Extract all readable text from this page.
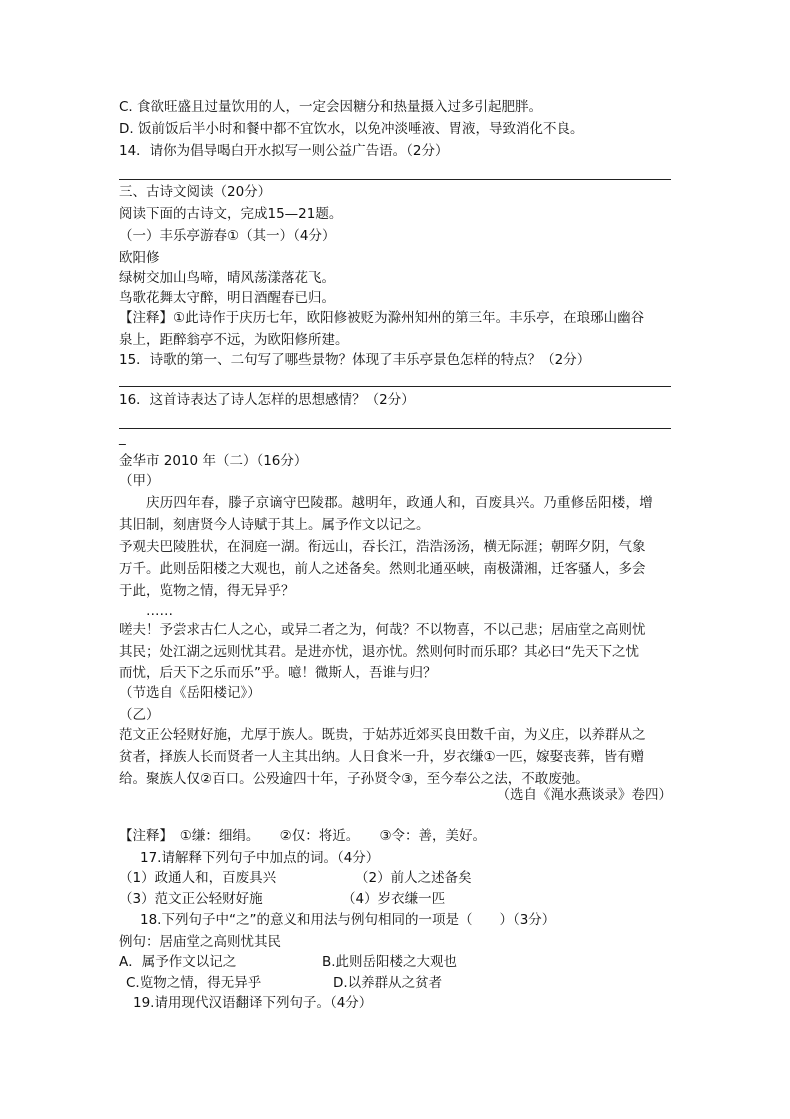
C. 食欲旺盛且过量饮用的人，一定会因糖分和热量摄入过多引起肥胖。
D. 饭前饭后半小时和餐中都不宜饮水，以免冲淡唾液、胃液，导致消化不良。
14．请你为倡导喝白开水拟写一则公益广告语。（2分）
三、古诗文阅读（20分）
阅读下面的古诗文，完成15—21题。
（一）丰乐亭游春①（其一）（4分）
欧阳修
绿树交加山鸟啼，晴风荡漾落花飞。
鸟歌花舞太守醉，明日酒醒春已归。
【注释】①此诗作于庆历七年，欧阳修被贬为滁州知州的第三年。丰乐亭，在琅琊山幽谷
泉上，距醉翁亭不远，为欧阳修所建。
15．诗歌的第一、二句写了哪些景物？体现了丰乐亭景色怎样的特点？（2分）
16．这首诗表达了诗人怎样的思想感情？（2分）
_
金华市 2010 年（二）（16分）
（甲）
庆历四年春，滕子京谪守巴陵郡。越明年，政通人和，百废具兴。乃重修岳阳楼，增
其旧制，刻唐贤今人诗赋于其上。属予作文以记之。
予观夫巴陵胜状，在洞庭一湖。衔远山，吞长江，浩浩汤汤，横无际涯；朝晖夕阴，气象
万千。此则岳阳楼之大观也，前人之述备矣。然则北通巫峡，南极潇湘，迁客骚人，多会
于此，览物之情，得无异乎？
……
嗟夫！予尝求古仁人之心，或异二者之为，何哉？不以物喜，不以己悲；居庙堂之高则忧
其民；处江湖之远则忧其君。是进亦忧，退亦忧。然则何时而乐耶？其必曰“先天下之忧
而忧，后天下之乐而乐”乎。噫！微斯人，吾谁与归？
（节选自《岳阳楼记》）
（乙）
范文正公轻财好施，尤厚于族人。既贵，于姑苏近郊买良田数千亩，为义庄，以养群从之
贫者，择族人长而贤者一人主其出纳。人日食米一升，岁衣缣①一匹，嫁娶丧葬，皆有赠
给。聚族人仅②百口。公殁逾四十年，子孙贤令③，至今奉公之法，不敢废弛。
（选自《渑水燕谈录》卷四）
【注释】　①缣：细绢。　　②仅：将近。　　③令：善，美好。
17.请解释下列句子中加点的词。（4分）
（1）政通人和，百废具兴	（2）前人之述备矣
（3）范文正公轻财好施	（4）岁衣缣一匹
18.下列句子中“之”的意义和用法与例句相同的一项是（　　）（3分）
例句：居庙堂之高则忧其民
A．属予作文以记之	B.此则岳阳楼之大观也
C.览物之情，得无异乎	D.以养群从之贫者
19.请用现代汉语翻译下列句子。（4分）
